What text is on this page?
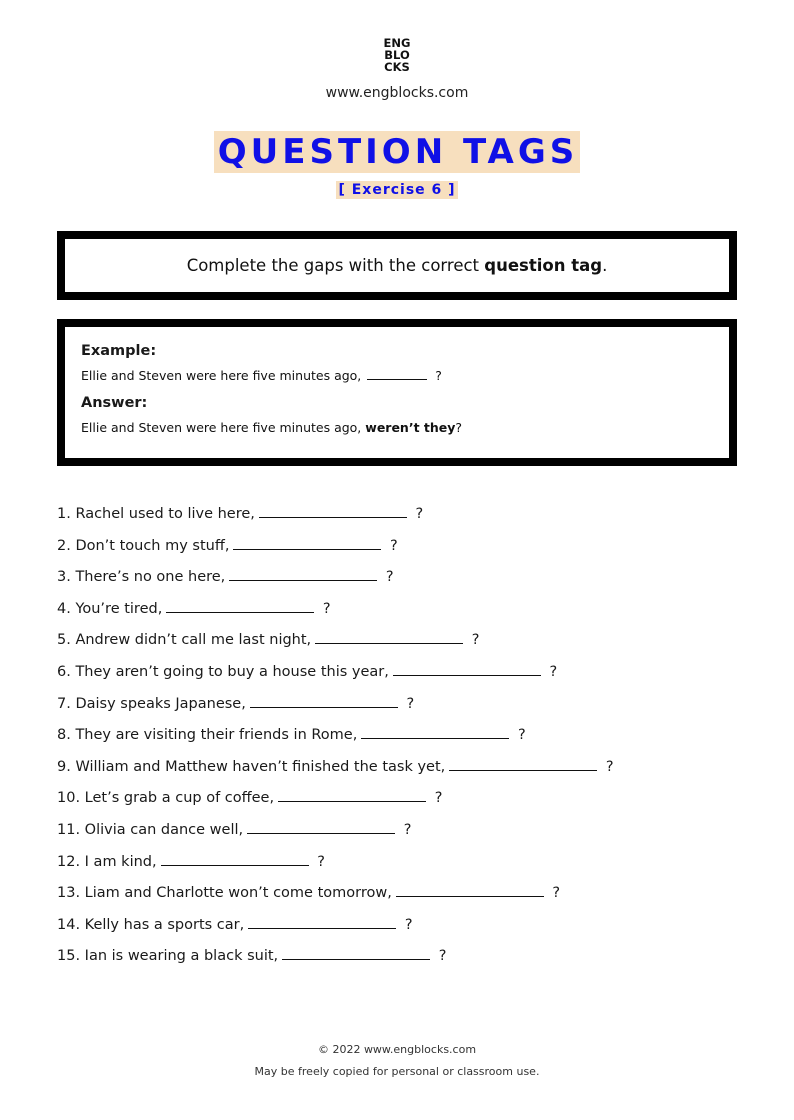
ENG
BLO
CKS
www.engblocks.com
QUESTION TAGS
[ Exercise 6 ]
Complete the gaps with the correct question tag.

Example:

Ellie and Steven were here five minutes ago,	?

Answer:

Ellie and Steven were here five minutes ago, weren’t they?

1. Rachel used to live here,	?
2. Don’t touch my stuff,	?
3. There’s no one here,	?
4. You’re tired,	?
5. Andrew didn’t call me last night,	?
6. They aren’t going to buy a house this year,	?
7. Daisy speaks Japanese,	?
8. They are visiting their friends in Rome,	?
9. William and Matthew haven’t finished the task yet,	?
10. Let’s grab a cup of coffee,	?
11. Olivia can dance well,	?
12. I am kind,	?
13. Liam and Charlotte won’t come tomorrow,	?
14. Kelly has a sports car,	?
15. Ian is wearing a black suit,	?
© 2022 www.engblocks.com
May be freely copied for personal or classroom use.
